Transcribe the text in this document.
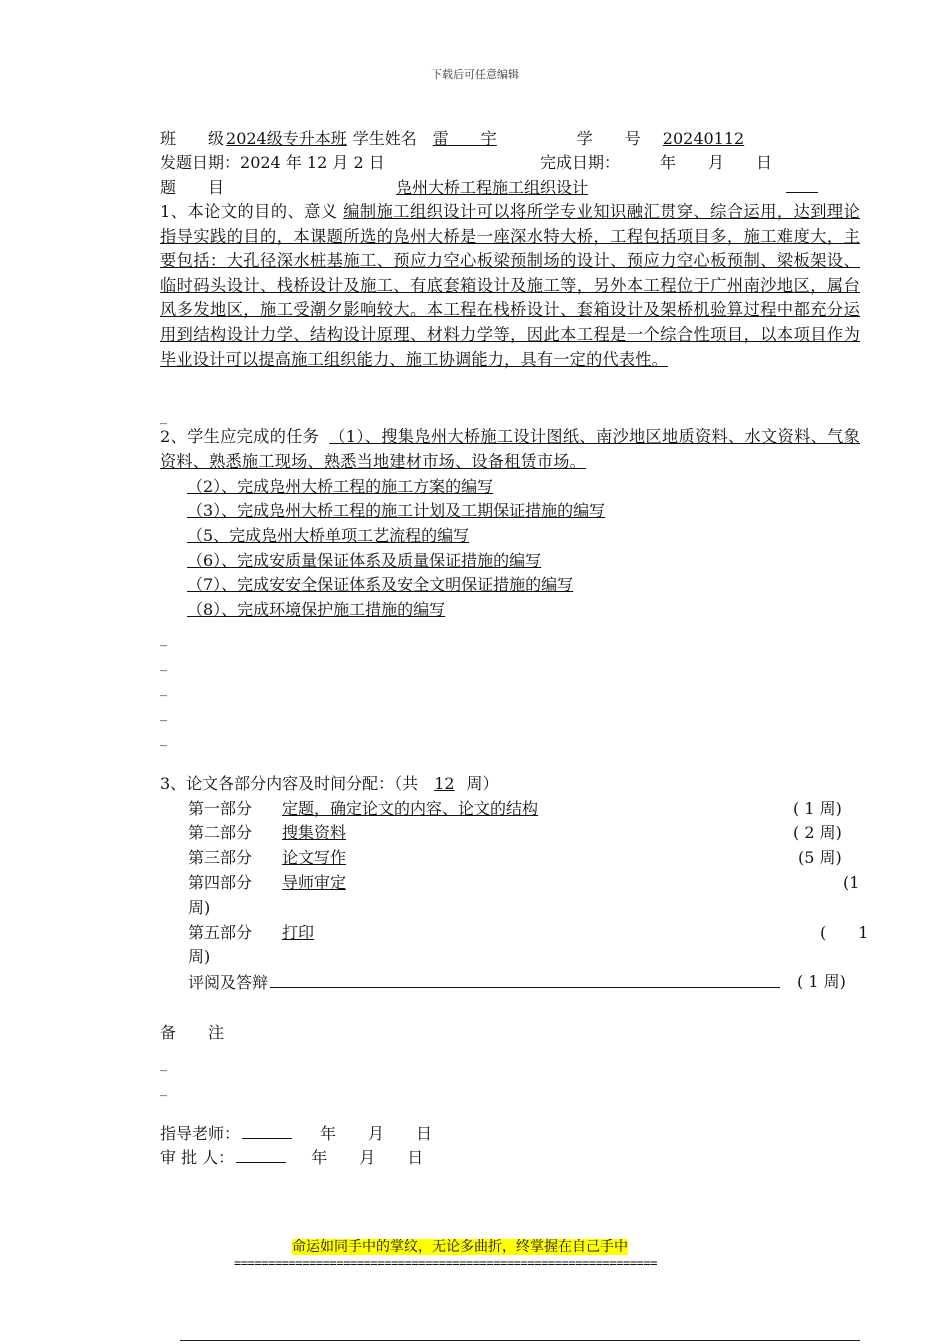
下载后可任意编辑
班　　级 2024级专升本班 学生姓名 雷　　宇	学　　号 20240112
发题日期：2024 年 12 月 2 日	完成日期：	年　　月　　日
题　　目	凫州大桥工程施工组织设计
1、本论文的目的、意义 编制施工组织设计可以将所学专业知识融汇贯穿、综合运用，达到理论指导实践的目的，本课题所选的凫州大桥是一座深水特大桥，工程包括项目多，施工难度大，主要包括：大孔径深水桩基施工、预应力空心板梁预制场的设计、预应力空心板预制、梁板架设、临时码头设计、栈桥设计及施工、有底套箱设计及施工等，另外本工程位于广州南沙地区，属台风多发地区，施工受潮夕影响较大。本工程在栈桥设计、套箱设计及架桥机验算过程中都充分运用到结构设计力学、结构设计原理、材料力学等，因此本工程是一个综合性项目，以本项目作为毕业设计可以提高施工组织能力、施工协调能力，具有一定的代表性。
_
2、学生应完成的任务 （1）、搜集凫州大桥施工设计图纸、南沙地区地质资料、水文资料、气象资料、熟悉施工现场、熟悉当地建材市场、设备租赁市场。
（2）、完成凫州大桥工程的施工方案的编写
（3）、完成凫州大桥工程的施工计划及工期保证措施的编写
（5、完成凫州大桥单项工艺流程的编写
（6）、完成安质量保证体系及质量保证措施的编写
（7）、完成安安全保证体系及安全文明保证措施的编写
（8）、完成环境保护施工措施的编写
_
_
_
_
_
3、论文各部分内容及时间分配：（共 12 周）
第一部分 定题，确定论文的内容、论文的结构	( 1 周)
第二部分 搜集资料	( 2 周)
第三部分 论文写作	(5 周)
第四部分 导师审定	(1
周)
第五部分 打印	(　　1
周)
评阅及答辩	( 1 周)
备　　注
_
_
指导老师：	年　　月　　日
审 批 人：	年　　月　　日
命运如同手中的掌纹，无论多曲折，终掌握在自己手中
==============================================================
